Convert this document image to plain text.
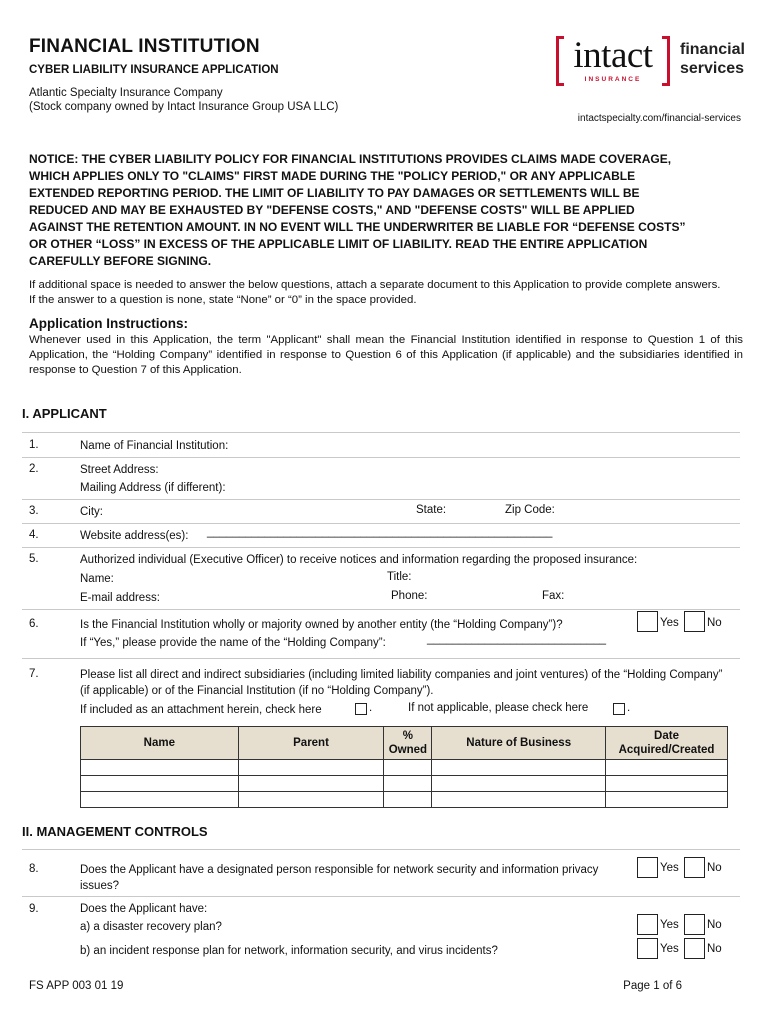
FINANCIAL INSTITUTION
CYBER LIABILITY INSURANCE APPLICATION
Atlantic Specialty Insurance Company
(Stock company owned by Intact Insurance Group USA LLC)
intact
INSURANCE
financial
services
intactspecialty.com/financial-services
NOTICE: THE CYBER LIABILITY POLICY FOR FINANCIAL INSTITUTIONS PROVIDES CLAIMS MADE COVERAGE, WHICH APPLIES ONLY TO "CLAIMS" FIRST MADE DURING THE "POLICY PERIOD," OR ANY APPLICABLE EXTENDED REPORTING PERIOD. THE LIMIT OF LIABILITY TO PAY DAMAGES OR SETTLEMENTS WILL BE REDUCED AND MAY BE EXHAUSTED BY "DEFENSE COSTS," AND "DEFENSE COSTS" WILL BE APPLIED AGAINST THE RETENTION AMOUNT. IN NO EVENT WILL THE UNDERWRITER BE LIABLE FOR “DEFENSE COSTS” OR OTHER “LOSS” IN EXCESS OF THE APPLICABLE LIMIT OF LIABILITY. READ THE ENTIRE APPLICATION CAREFULLY BEFORE SIGNING.
If additional space is needed to answer the below questions, attach a separate document to this Application to provide complete answers. If the answer to a question is none, state “None” or “0” in the space provided.
Application Instructions:
Whenever used in this Application, the term "Applicant" shall mean the Financial Institution identified in response to Question 1 of this Application, the “Holding Company” identified in response to Question 6 of this Application (if applicable) and the subsidiaries identified in response to Question 7 of this Application.
I. APPLICANT
1.	Name of Financial Institution:
2.	Street Address:
Mailing Address (if different):
3.	City:	State:	Zip Code:
4.	Website address(es): ______________________________________________________
5.	Authorized individual (Executive Officer) to receive notices and information regarding the proposed insurance:
Name:	Title:
E-mail address:	Phone:	Fax:
6.	Is the Financial Institution wholly or majority owned by another entity (the “Holding Company”)?	Yes No
If “Yes,” please provide the name of the “Holding Company”:	____________________________
7.	Please list all direct and indirect subsidiaries (including limited liability companies and joint ventures) of the “Holding Company” (if applicable) or of the Financial Institution (if no “Holding Company”).
If included as an attachment herein, check here	.	If not applicable, please check here	.
Name	Parent	% Owned	Nature of Business	Date Acquired/Created

II. MANAGEMENT CONTROLS
8.	Does the Applicant have a designated person responsible for network security and information privacy issues?
Yes No
9.	Does the Applicant have:
a) a disaster recovery plan?	Yes No
b) an incident response plan for network, information security, and virus incidents?	Yes No
FS APP 003 01 19	Page 1 of 6
